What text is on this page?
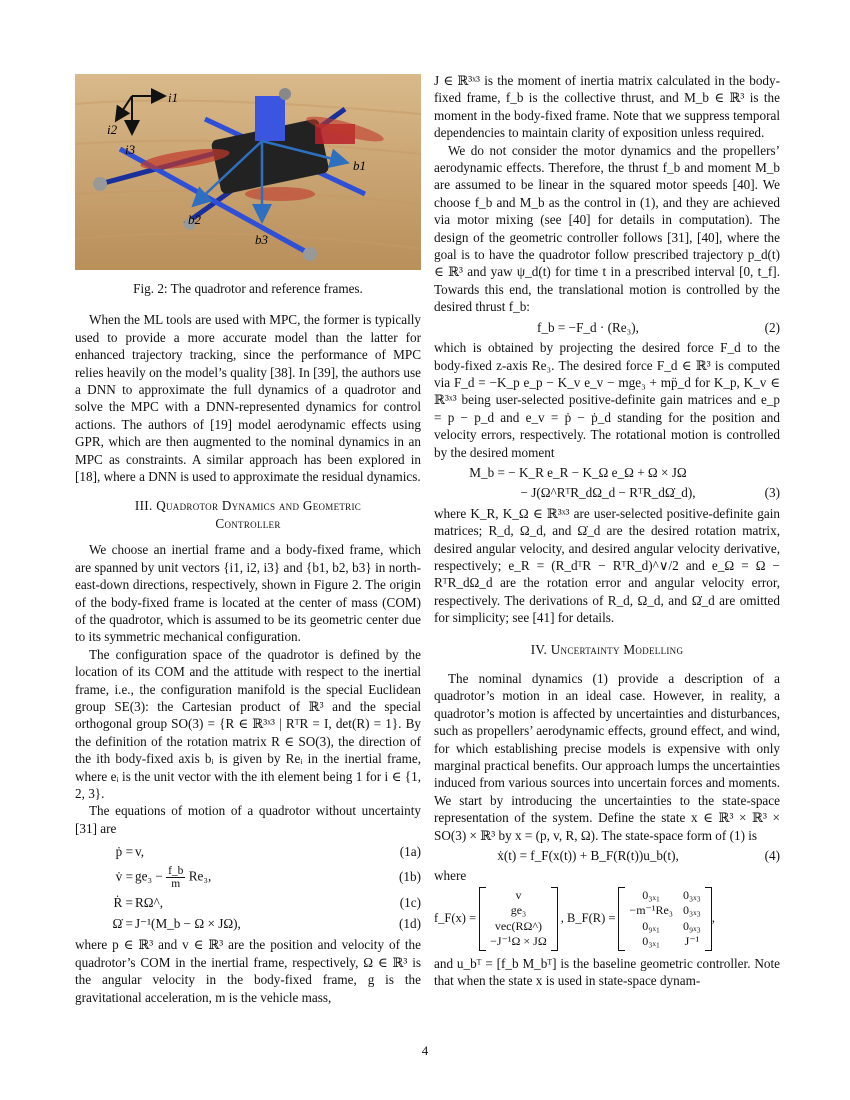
i1
i2
i3
b1
b2
b3

Fig. 2: The quadrotor and reference frames.

When the ML tools are used with MPC, the former is typically used to provide a more accurate model than the latter for enhanced trajectory tracking, since the performance of MPC relies heavily on the model’s quality [38]. In [39], the authors use a DNN to approximate the full dynamics of a quadrotor and solve the MPC with a DNN-represented dynamics for control actions. The authors of [19] model aerodynamic effects using GPR, which are then augmented to the nominal dynamics in an MPC as constraints. A similar approach has been explored in [18], where a DNN is used to approximate the residual dynamics.

III. Quadrotor Dynamics and Geometric
Controller

We choose an inertial frame and a body-fixed frame, which are spanned by unit vectors {i1, i2, i3} and {b1, b2, b3} in north-east-down directions, respectively, shown in Figure 2. The origin of the body-fixed frame is located at the center of mass (COM) of the quadrotor, which is assumed to be its geometric center due to its symmetric mechanical configuration.

The configuration space of the quadrotor is defined by the location of its COM and the attitude with respect to the inertial frame, i.e., the configuration manifold is the special Euclidean group SE(3): the Cartesian product of ℝ³ and the special orthogonal group SO(3) = {R ∈ ℝ³ˣ³ | RᵀR = I, det(R) = 1}. By the definition of the rotation matrix R ∈ SO(3), the direction of the ith body-fixed axis bᵢ is given by Reᵢ in the inertial frame, where eᵢ is the unit vector with the ith element being 1 for i ∈ {1, 2, 3}.

The equations of motion of a quadrotor without uncertainty [31] are

ṗ = v,	(1a)
v̇ = $ge_3 - \frac{f\_b}{m} Re_3$,	(1b)
Ṙ = RΩ^,	(1c)
Ω̇ = J⁻¹(M_b − Ω × JΩ),	(1d)

where p ∈ ℝ³ and v ∈ ℝ³ are the position and velocity of the quadrotor’s COM in the inertial frame, respectively, Ω ∈ ℝ³ is the angular velocity in the body-fixed frame, g is the gravitational acceleration, m is the vehicle mass,

J ∈ ℝ³ˣ³ is the moment of inertia matrix calculated in the body-fixed frame, f_b is the collective thrust, and M_b ∈ ℝ³ is the moment in the body-fixed frame. Note that we suppress temporal dependencies to maintain clarity of exposition unless required.

We do not consider the motor dynamics and the propellers’ aerodynamic effects. Therefore, the thrust f_b and moment M_b are assumed to be linear in the squared motor speeds [40]. We choose f_b and M_b as the control in (1), and they are achieved via motor mixing (see [40] for details in computation). The design of the geometric controller follows [31], [40], where the goal is to have the quadrotor follow prescribed trajectory p_d(t) ∈ ℝ³ and yaw ψ_d(t) for time t in a prescribed interval [0, t_f]. Towards this end, the translational motion is controlled by the desired thrust f_b:

f_b = −F_d · (Re₃),	(2)

which is obtained by projecting the desired force F_d to the body-fixed z-axis Re₃. The desired force F_d ∈ ℝ³ is computed via F_d = −K_p e_p − K_v e_v − mge₃ + mp̈_d for K_p, K_v ∈ ℝ³ˣ³ being user-selected positive-definite gain matrices and e_p = p − p_d and e_v = ṗ − ṗ_d standing for the position and velocity errors, respectively. The rotational motion is controlled by the desired moment

M_b = − K_R e_R − K_Ω e_Ω + Ω × JΩ
− J(Ω^RᵀR_dΩ_d − RᵀR_dΩ̇_d),	(3)

where K_R, K_Ω ∈ ℝ³ˣ³ are user-selected positive-definite gain matrices; R_d, Ω_d, and Ω̇_d are the desired rotation matrix, desired angular velocity, and desired angular velocity derivative, respectively; e_R = (R_dᵀR − RᵀR_d)^∨/2 and e_Ω = Ω − RᵀR_dΩ_d are the rotation error and angular velocity error, respectively. The derivations of R_d, Ω_d, and Ω̇_d are omitted for simplicity; see [41] for details.

IV. Uncertainty Modelling

The nominal dynamics (1) provide a description of a quadrotor’s motion in an ideal case. However, in reality, a quadrotor’s motion is affected by uncertainties and disturbances, such as propellers’ aerodynamic effects, ground effect, and wind, for which establishing precise models is expensive with only marginal practical benefits. Our approach lumps the uncertainties induced from various sources into uncertain forces and moments. We start by introducing the uncertainties to the state-space representation of the system. Define the state x ∈ ℝ³ × ℝ³ × SO(3) × ℝ³ by x = (p, v, R, Ω). The state-space form of (1) is

ẋ(t) = f_F(x(t)) + B_F(R(t))u_b(t),	(4)

where

f_F(x) =
v
ge₃
vec(RΩ^)
−J⁻¹Ω × JΩ
, B_F(R) =
0₃ₓ₁	0₃ₓ₃
−m⁻¹Re₃ 0₃ₓ₃
0₉ₓ₁	0₉ₓ₃
0₃ₓ₁	J⁻¹
,

and u_bᵀ = [f_b M_bᵀ] is the baseline geometric controller. Note that when the state x is used in state-space dynam-

4
